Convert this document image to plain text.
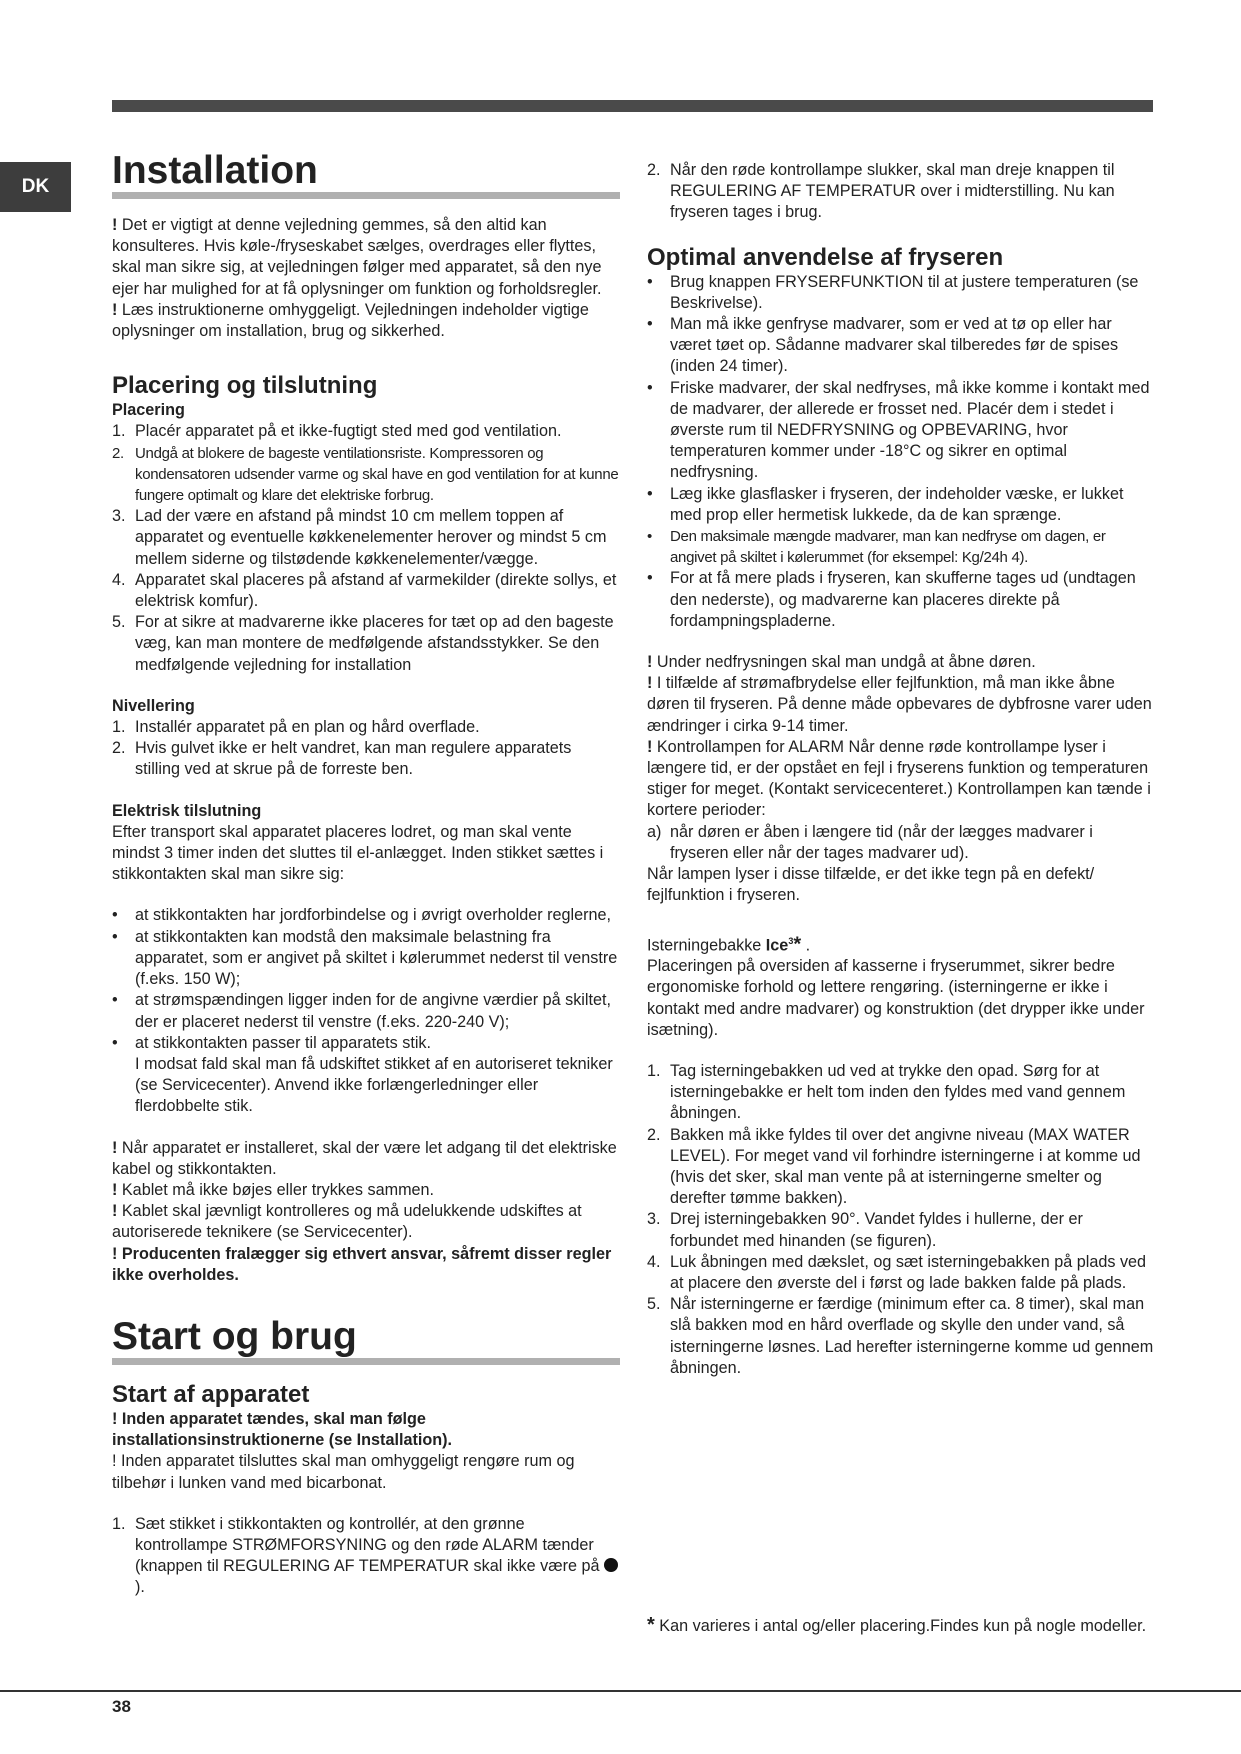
DK	Installation

! Det er vigtigt at denne vejledning gemmes, så den altid kan konsulteres. Hvis køle-/fryseskabet sælges, overdrages eller flyttes, skal man sikre sig, at vejledningen følger med apparatet, så den nye ejer har mulighed for at få oplysninger om funktion og forholdsregler.

! Læs instruktionerne omhyggeligt. Vejledningen indeholder vigtige oplysninger om installation, brug og sikkerhed.

Placering og tilslutning

Placering

1. Placér apparatet på et ikke-fugtigt sted med god ventilation.
2. Undgå at blokere de bageste ventilationsriste. Kompressoren og kondensatoren udsender varme og skal have en god ventilation for at kunne fungere optimalt og klare det elektriske forbrug.
3. Lad der være en afstand på mindst 10 cm mellem toppen af apparatet og eventuelle køkkenelementer herover og mindst 5 cm mellem siderne og tilstødende køkkenelementer/vægge.
4. Apparatet skal placeres på afstand af varmekilder (direkte sollys, et elektrisk komfur).
5. For at sikre at madvarerne ikke placeres for tæt op ad den bageste væg, kan man montere de medfølgende afstandsstykker. Se den medfølgende vejledning for installation

Nivellering

1. Installér apparatet på en plan og hård overflade.
2. Hvis gulvet ikke er helt vandret, kan man regulere apparatets stilling ved at skrue på de forreste ben.

Elektrisk tilslutning

Efter transport skal apparatet placeres lodret, og man skal vente mindst 3 timer inden det sluttes til el-anlægget. Inden stikket sættes i stikkontakten skal man sikre sig:

• at stikkontakten har jordforbindelse og i øvrigt overholder reglerne,
• at stikkontakten kan modstå den maksimale belastning fra apparatet, som er angivet på skiltet i kølerummet nederst til venstre (f.eks. 150 W);
• at strømspændingen ligger inden for de angivne værdier på skiltet, der er placeret nederst til venstre (f.eks. 220-240 V);
• at stikkontakten passer til apparatets stik.
I modsat fald skal man få udskiftet stikket af en autoriseret tekniker (se Servicecenter). Anvend ikke forlængerledninger eller flerdobbelte stik.

! Når apparatet er installeret, skal der være let adgang til det elektriske kabel og stikkontakten.

! Kablet må ikke bøjes eller trykkes sammen.

! Kablet skal jævnligt kontrolleres og må udelukkende udskiftes at autoriserede teknikere (se Servicecenter).

! Producenten fralægger sig ethvert ansvar, såfremt disser regler ikke overholdes.

Start og brug
Start af apparatet

! Inden apparatet tændes, skal man følge installationsinstruktionerne (se Installation).

! Inden apparatet tilsluttes skal man omhyggeligt rengøre rum og tilbehør i lunken vand med bicarbonat.

1. Sæt stikket i stikkontakten og kontrollér, at den grønne kontrollampe STRØMFORSYNING og den røde ALARM tænder (knappen til REGULERING AF TEMPERATUR skal ikke være på  ).
2. Når den røde kontrollampe slukker, skal man dreje knappen til REGULERING AF TEMPERATUR over i midterstilling. Nu kan fryseren tages i brug.
Optimal anvendelse af fryseren
• Brug knappen FRYSERFUNKTION til at justere temperaturen (se Beskrivelse).
• Man må ikke genfryse madvarer, som er ved at tø op eller har været tøet op. Sådanne madvarer skal tilberedes før de spises (inden 24 timer).
• Friske madvarer, der skal nedfryses, må ikke komme i kontakt med de madvarer, der allerede er frosset ned. Placér dem i stedet i øverste rum til NEDFRYSNING og OPBEVARING, hvor temperaturen kommer under -18°C og sikrer en optimal nedfrysning.
• Læg ikke glasflasker i fryseren, der indeholder væske, er lukket med prop eller hermetisk lukkede, da de kan sprænge.
• Den maksimale mængde madvarer, man kan nedfryse om dagen, er angivet på skiltet i kølerummet (for eksempel: Kg/24h 4).
• For at få mere plads i fryseren, kan skufferne tages ud (undtagen den nederste), og madvarerne kan placeres direkte på fordampningspladerne.

! Under nedfrysningen skal man undgå at åbne døren.

! I tilfælde af strømafbrydelse eller fejlfunktion, må man ikke åbne døren til fryseren. På denne måde opbevares de dybfrosne varer uden ændringer i cirka 9-14 timer.

! Kontrollampen for ALARM Når denne røde kontrollampe lyser i længere tid, er der opstået en fejl i fryserens funktion og temperaturen stiger for meget. (Kontakt servicecenteret.) Kontrollampen kan tænde i kortere perioder:

a) når døren er åben i længere tid (når der lægges madvarer i fryseren eller når der tages madvarer ud).

Når lampen lyser i disse tilfælde, er det ikke tegn på en defekt/ fejlfunktion i fryseren.

Isterningebakke Ice$^3$* .

Placeringen på oversiden af kasserne i fryserummet, sikrer bedre ergonomiske forhold og lettere rengøring. (isterningerne er ikke i kontakt med andre madvarer) og konstruktion (det drypper ikke under isætning).

1. Tag isterningebakken ud ved at trykke den opad. Sørg for at isterningebakke er helt tom inden den fyldes med vand gennem åbningen.
2. Bakken må ikke fyldes til over det angivne niveau (MAX WATER LEVEL). For meget vand vil forhindre isterningerne i at komme ud (hvis det sker, skal man vente på at isterningerne smelter og derefter tømme bakken).
3. Drej isterningebakken 90°. Vandet fyldes i hullerne, der er forbundet med hinanden (se figuren).
4. Luk åbningen med dækslet, og sæt isterningebakken på plads ved at placere den øverste del i først og lade bakken falde på plads.
5. Når isterningerne er færdige (minimum efter ca. 8 timer), skal man slå bakken mod en hård overflade og skylle den under vand, så isterningerne løsnes. Lad herefter isterningerne komme ud gennem åbningen.
* Kan varieres i antal og/eller placering.Findes kun på nogle modeller.
38
